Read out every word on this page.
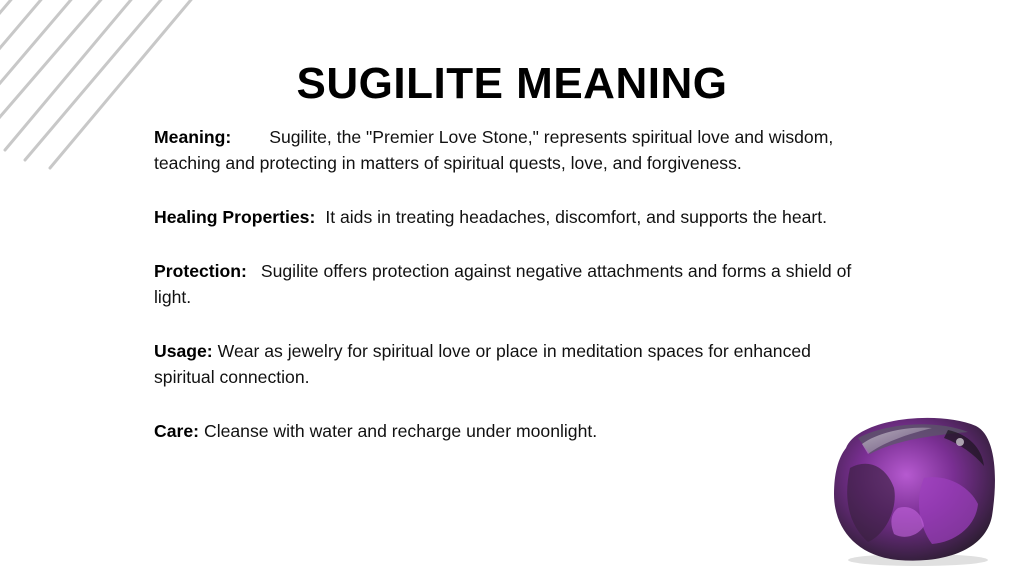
SUGILITE MEANING
Meaning: Sugilite, the "Premier Love Stone," represents spiritual love and wisdom, teaching and protecting in matters of spiritual quests, love, and forgiveness.
Healing Properties: It aids in treating headaches, discomfort, and supports the heart.
Protection: Sugilite offers protection against negative attachments and forms a shield of light.
Usage: Wear as jewelry for spiritual love or place in meditation spaces for enhanced spiritual connection.
Care: Cleanse with water and recharge under moonlight.
